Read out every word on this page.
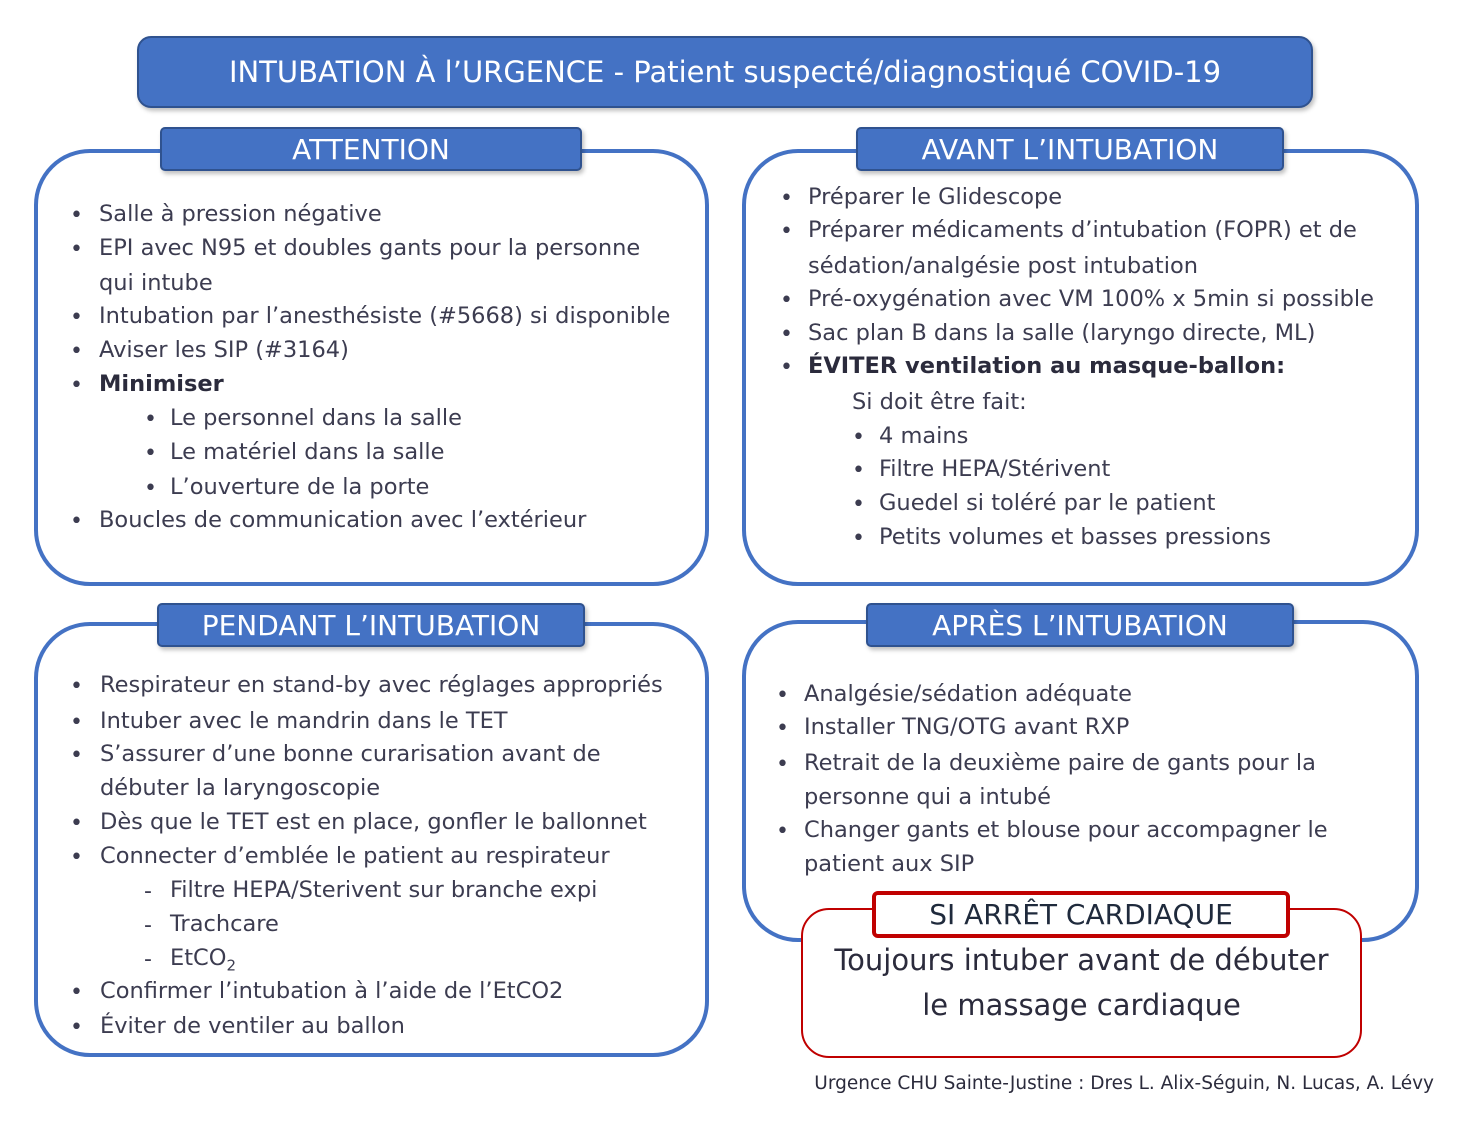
INTUBATION À l’URGENCE - Patient suspecté/diagnostiqué COVID-19
ATTENTION
• Salle à pression négative
• EPI avec N95 et doubles gants pour la personne
qui intube
• Intubation par l’anesthésiste (#5668) si disponible
• Aviser les SIP (#3164)
• Minimiser
• Le personnel dans la salle
• Le matériel dans la salle
• L’ouverture de la porte
• Boucles de communication avec l’extérieur
AVANT L’INTUBATION
• Préparer le Glidescope
• Préparer médicaments d’intubation (FOPR) et de
sédation/analgésie post intubation
• Pré-oxygénation avec VM 100% x 5min si possible
• Sac plan B dans la salle (laryngo directe, ML)
• ÉVITER ventilation au masque-ballon:
Si doit être fait:
• 4 mains
• Filtre HEPA/Stérivent
• Guedel si toléré par le patient
• Petits volumes et basses pressions
PENDANT L’INTUBATION
• Respirateur en stand-by avec réglages appropriés
• Intuber avec le mandrin dans le TET
• S’assurer d’une bonne curarisation avant de
débuter la laryngoscopie
• Dès que le TET est en place, gonfler le ballonnet
• Connecter d’emblée le patient au respirateur
- Filtre HEPA/Sterivent sur branche expi
- Trachcare
- EtCO$_2$
• Confirmer l’intubation à l’aide de l’EtCO2
• Éviter de ventiler au ballon
APRÈS L’INTUBATION
• Analgésie/sédation adéquate
• Installer TNG/OTG avant RXP
• Retrait de la deuxième paire de gants pour la
personne qui a intubé
• Changer gants et blouse pour accompagner le
patient aux SIP
SI ARRÊT CARDIAQUE
Toujours intuber avant de débuter
le massage cardiaque
Urgence CHU Sainte-Justine : Dres L. Alix-Séguin, N. Lucas, A. Lévy
